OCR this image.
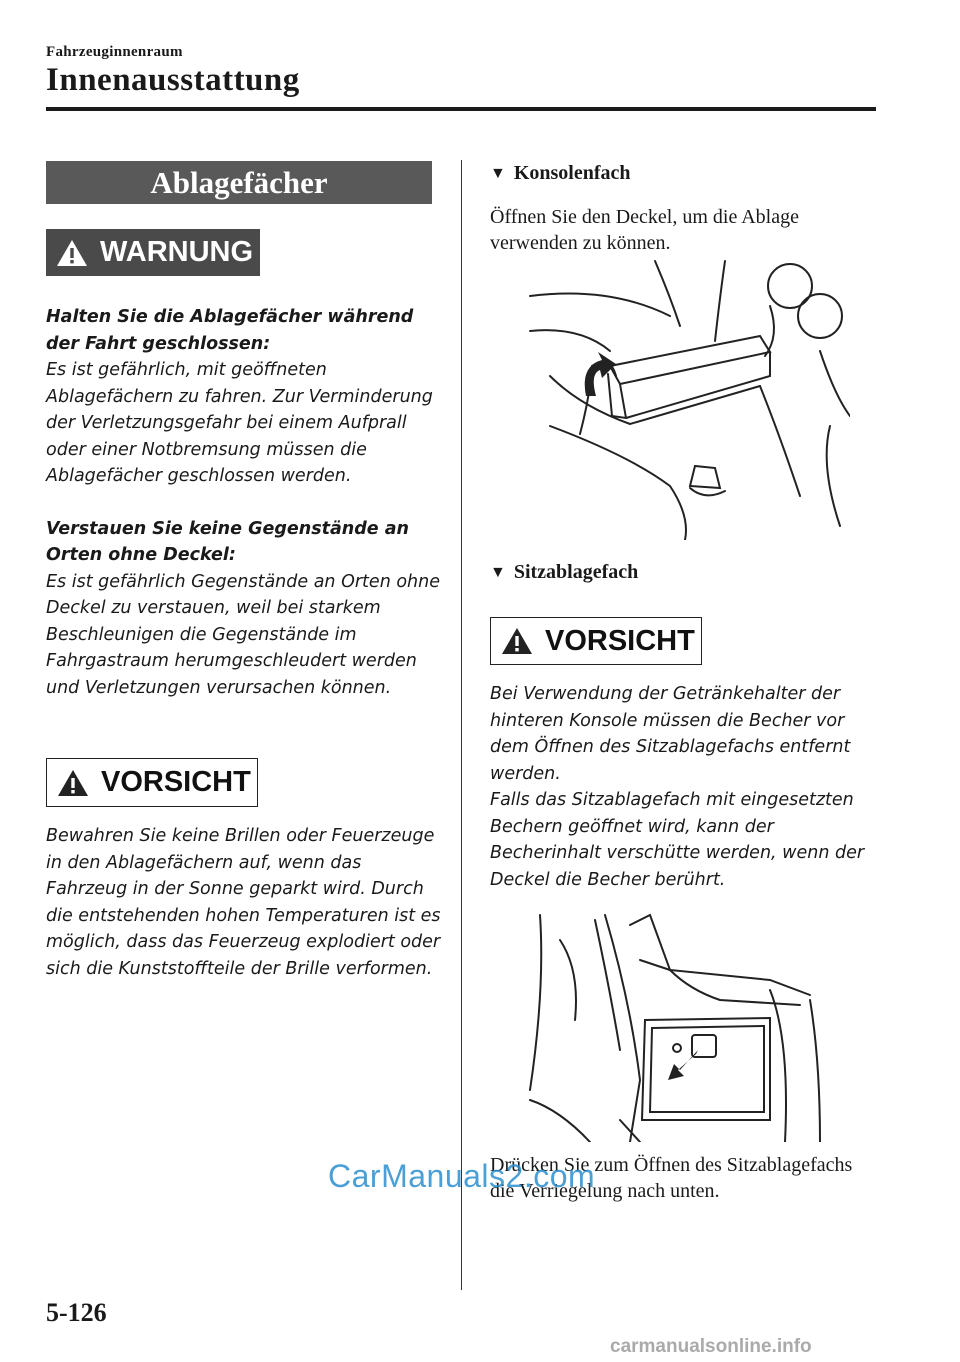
Fahrzeuginnenraum
Innenausstattung
Ablagefächer
WARNUNG

Halten Sie die Ablagefächer während der Fahrt geschlossen:

Es ist gefährlich, mit geöffneten Ablagefächern zu fahren. Zur Verminderung der Verletzungsgefahr bei einem Aufprall oder einer Notbremsung müssen die Ablagefächer geschlossen werden.

Verstauen Sie keine Gegenstände an Orten ohne Deckel:

Es ist gefährlich Gegenstände an Orten ohne Deckel zu verstauen, weil bei starkem Beschleunigen die Gegenstände im Fahrgastraum herumgeschleudert werden und Verletzungen verursachen können.

VORSICHT

Bewahren Sie keine Brillen oder Feuerzeuge in den Ablagefächern auf, wenn das Fahrzeug in der Sonne geparkt wird. Durch die entstehenden hohen Temperaturen ist es möglich, dass das Feuerzeug explodiert oder sich die Kunststoffteile der Brille verformen.

▼ Konsolenfach
Öffnen Sie den Deckel, um die Ablage verwenden zu können.
▼ Sitzablagefach
VORSICHT

Bei Verwendung der Getränkehalter der hinteren Konsole müssen die Becher vor dem Öffnen des Sitzablagefachs entfernt werden.

Falls das Sitzablagefach mit eingesetzten Bechern geöffnet wird, kann der Becherinhalt verschütte werden, wenn der Deckel die Becher berührt.

Drücken Sie zum Öffnen des Sitzablagefachs die Verriegelung nach unten.
5-126
CarManuals2.com
carmanualsonline.info
